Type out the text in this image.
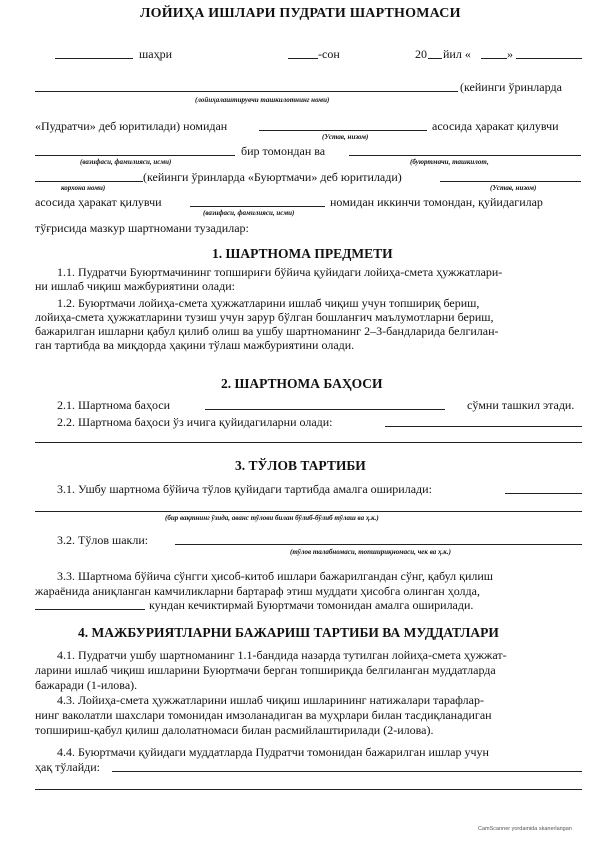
ЛОЙИҲА ИШЛАРИ ПУДРАТИ ШАРТНОМАСИ
шаҳри	-сон	20 йил «	»
(кейинги ўринларда
(лойиҳалаштирувчи ташкилотнинг номи)
«Пудратчи» деб юритилади) номидан	асосида ҳаракат қилувчи
(Устав, низом)
бир томондан ва
(вазифаси, фамилияси, исми)	(буюртмачи, ташкилот,
(кейинги ўринларда «Буюртмачи» деб юритилади)
корхона номи)	(Устав, низом)
асосида ҳаракат қилувчи	номидан иккинчи томондан, қуйидагилар
(вазифаси, фамилияси, исми)
тўғрисида мазкур шартномани тузадилар:
1. ШАРТНОМА ПРЕДМЕТИ
1.1. Пудратчи Буюртмачининг топшириғи бўйича қуйидаги лойиҳа-смета ҳужжатлари-
ни ишлаб чиқиш мажбуриятини олади:
1.2. Буюртмачи лойиҳа-смета ҳужжатларини ишлаб чиқиш учун топшириқ бериш,
лойиҳа-смета ҳужжатларини тузиш учун зарур бўлган бошланғич маълумотларни бериш,
бажарилган ишларни қабул қилиб олиш ва ушбу шартноманинг 2–3-бандларида белгилан-
ган тартибда ва миқдорда ҳақини тўлаш мажбуриятини олади.
2. ШАРТНОМА БАҲОСИ
2.1. Шартнома баҳоси	сўмни ташкил этади.
2.2. Шартнома баҳоси ўз ичига қуйидагиларни олади:
3. ТЎЛОВ ТАРТИБИ
3.1. Ушбу шартнома бўйича тўлов қуйидаги тартибда амалга оширилади:
(бир вақтнинг ўзида, аванс тўлови билан бўлиб-бўлиб тўлаш ва ҳ.к.)
3.2. Тўлов шакли:
(тўлов талабномаси, топшириқномаси, чек ва ҳ.к.)
3.3. Шартнома бўйича сўнгги ҳисоб-китоб ишлари бажарилгандан сўнг, қабул қилиш
жараёнида аниқланган камчиликларни бартараф этиш муддати ҳисобга олинган ҳолда,
кундан кечиктирмай Буюртмачи томонидан амалга оширилади.
4. МАЖБУРИЯТЛАРНИ БАЖАРИШ ТАРТИБИ ВА МУДДАТЛАРИ
4.1. Пудратчи ушбу шартноманинг 1.1-бандида назарда тутилган лойиҳа-смета ҳужжат-
ларини ишлаб чиқиш ишларини Буюртмачи берган топшириқда белгиланган муддатларда
бажаради (1-илова).
4.3. Лойиҳа-смета ҳужжатларини ишлаб чиқиш ишларининг натижалари тарафлар-
нинг ваколатли шахслари томонидан имзоланадиган ва муҳрлари билан тасдиқланадиган
топшириш-қабул қилиш далолатномаси билан расмийлаштирилади (2-илова).
4.4. Буюртмачи қуйидаги муддатларда Пудратчи томонидан бажарилган ишлар учун
ҳақ тўлайди:
CamScanner yordamida skanerlangan
